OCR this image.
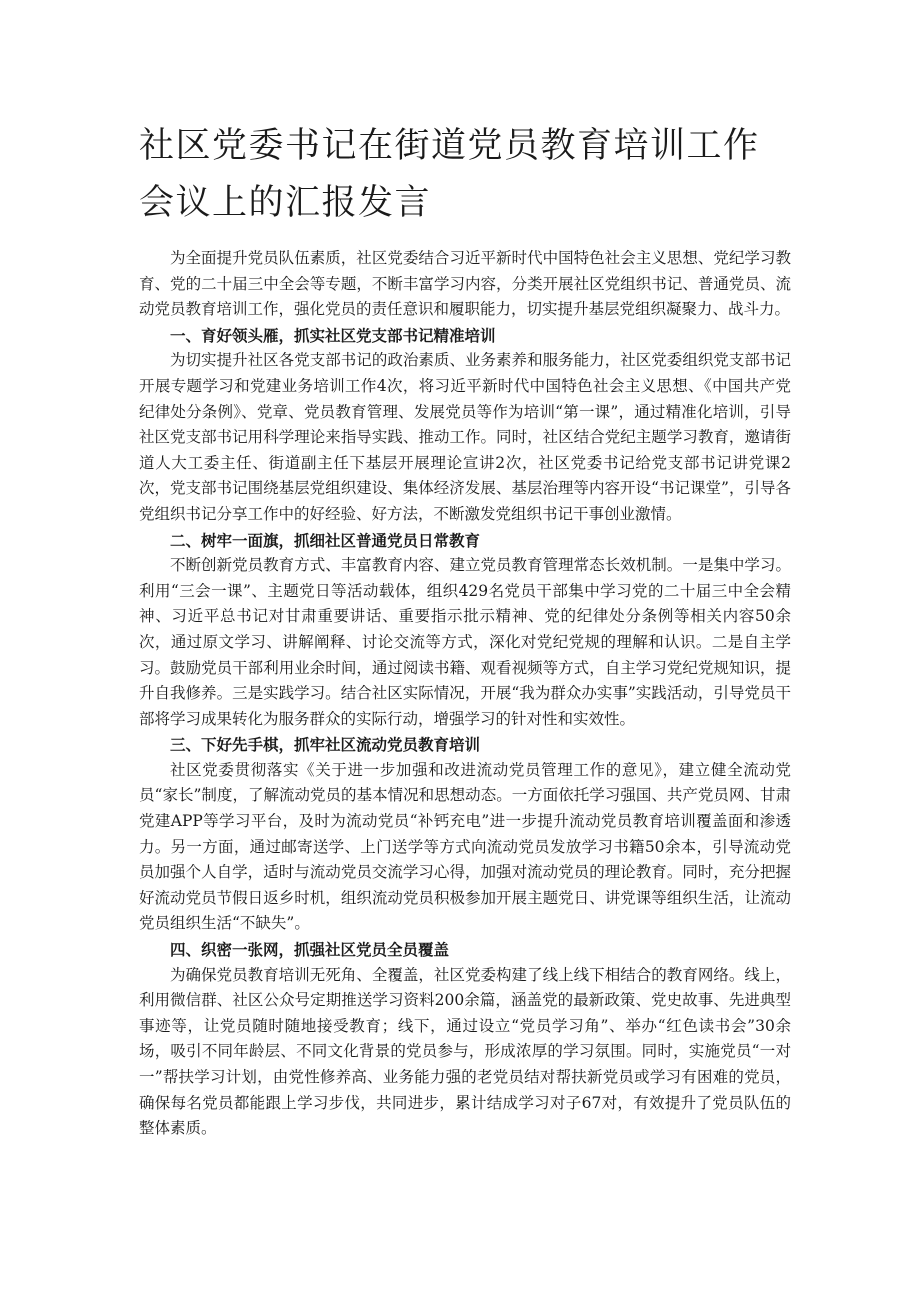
社区党委书记在街道党员教育培训工作会议上的汇报发言

为全面提升党员队伍素质，社区党委结合习近平新时代中国特色社会主义思想、党纪学习教育、党的二十届三中全会等专题，不断丰富学习内容，分类开展社区党组织书记、普通党员、流动党员教育培训工作，强化党员的责任意识和履职能力，切实提升基层党组织凝聚力、战斗力。

一、育好领头雁，抓实社区党支部书记精准培训

为切实提升社区各党支部书记的政治素质、业务素养和服务能力，社区党委组织党支部书记开展专题学习和党建业务培训工作4次，将习近平新时代中国特色社会主义思想、《中国共产党纪律处分条例》、党章、党员教育管理、发展党员等作为培训“第一课”，通过精准化培训，引导社区党支部书记用科学理论来指导实践、推动工作。同时，社区结合党纪主题学习教育，邀请街道人大工委主任、街道副主任下基层开展理论宣讲2次，社区党委书记给党支部书记讲党课2次，党支部书记围绕基层党组织建设、集体经济发展、基层治理等内容开设“书记课堂”，引导各党组织书记分享工作中的好经验、好方法，不断激发党组织书记干事创业激情。

二、树牢一面旗，抓细社区普通党员日常教育

不断创新党员教育方式、丰富教育内容、建立党员教育管理常态长效机制。一是集中学习。利用“三会一课”、主题党日等活动载体，组织429名党员干部集中学习党的二十届三中全会精神、习近平总书记对甘肃重要讲话、重要指示批示精神、党的纪律处分条例等相关内容50余次，通过原文学习、讲解阐释、讨论交流等方式，深化对党纪党规的理解和认识。二是自主学习。鼓励党员干部利用业余时间，通过阅读书籍、观看视频等方式，自主学习党纪党规知识，提升自我修养。三是实践学习。结合社区实际情况，开展“我为群众办实事”实践活动，引导党员干部将学习成果转化为服务群众的实际行动，增强学习的针对性和实效性。

三、下好先手棋，抓牢社区流动党员教育培训

社区党委贯彻落实《关于进一步加强和改进流动党员管理工作的意见》，建立健全流动党员“家长”制度，了解流动党员的基本情况和思想动态。一方面依托学习强国、共产党员网、甘肃党建APP等学习平台，及时为流动党员“补钙充电”进一步提升流动党员教育培训覆盖面和渗透力。另一方面，通过邮寄送学、上门送学等方式向流动党员发放学习书籍50余本，引导流动党员加强个人自学，适时与流动党员交流学习心得，加强对流动党员的理论教育。同时，充分把握好流动党员节假日返乡时机，组织流动党员积极参加开展主题党日、讲党课等组织生活，让流动党员组织生活“不缺失”。

四、织密一张网，抓强社区党员全员覆盖

为确保党员教育培训无死角、全覆盖，社区党委构建了线上线下相结合的教育网络。线上，利用微信群、社区公众号定期推送学习资料200余篇，涵盖党的最新政策、党史故事、先进典型事迹等，让党员随时随地接受教育；线下，通过设立“党员学习角”、举办“红色读书会”30余场，吸引不同年龄层、不同文化背景的党员参与，形成浓厚的学习氛围。同时，实施党员“一对一”帮扶学习计划，由党性修养高、业务能力强的老党员结对帮扶新党员或学习有困难的党员，确保每名党员都能跟上学习步伐，共同进步，累计结成学习对子67对，有效提升了党员队伍的整体素质。
